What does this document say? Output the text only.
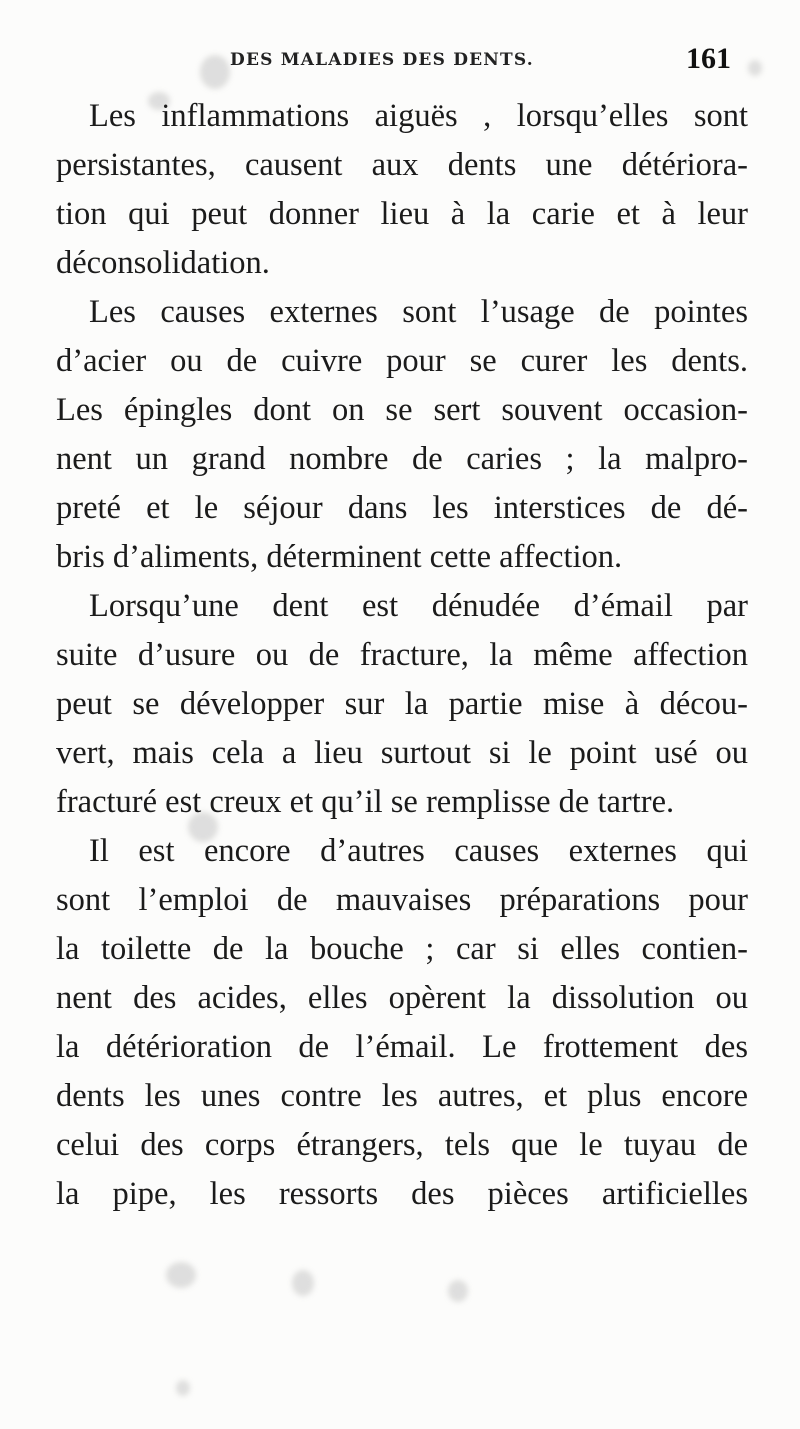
DES MALADIES DES DENTS.	161
Les inflammations aiguës , lorsqu’elles sont
persistantes, causent aux dents une détériora-
tion qui peut donner lieu à la carie et à leur
déconsolidation.
Les causes externes sont l’usage de pointes
d’acier ou de cuivre pour se curer les dents.
Les épingles dont on se sert souvent occasion-
nent un grand nombre de caries ; la malpro-
preté et le séjour dans les interstices de dé-
bris d’aliments, déterminent cette affection.
Lorsqu’une dent est dénudée d’émail par
suite d’usure ou de fracture, la même affection
peut se développer sur la partie mise à décou-
vert, mais cela a lieu surtout si le point usé ou
fracturé est creux et qu’il se remplisse de tartre.
Il est encore d’autres causes externes qui
sont l’emploi de mauvaises préparations pour
la toilette de la bouche ; car si elles contien-
nent des acides, elles opèrent la dissolution ou
la détérioration de l’émail. Le frottement des
dents les unes contre les autres, et plus encore
celui des corps étrangers, tels que le tuyau de
la pipe, les ressorts des pièces artificielles
